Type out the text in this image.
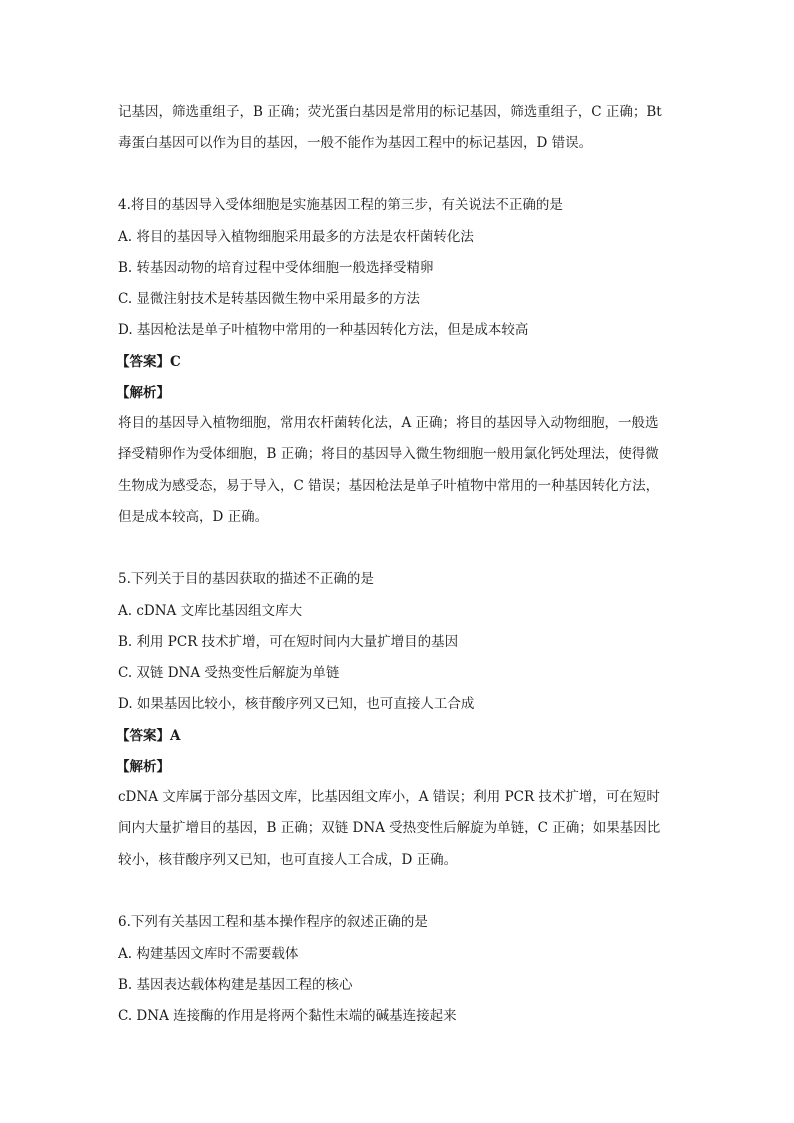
记基因，筛选重组子，B 正确；荧光蛋白基因是常用的标记基因，筛选重组子，C 正确；Bt
毒蛋白基因可以作为目的基因，一般不能作为基因工程中的标记基因，D 错误。
4.将目的基因导入受体细胞是实施基因工程的第三步，有关说法不正确的是
A. 将目的基因导入植物细胞采用最多的方法是农杆菌转化法
B. 转基因动物的培育过程中受体细胞一般选择受精卵
C. 显微注射技术是转基因微生物中采用最多的方法
D. 基因枪法是单子叶植物中常用的一种基因转化方法，但是成本较高
【答案】C
【解析】
将目的基因导入植物细胞，常用农杆菌转化法，A 正确；将目的基因导入动物细胞，一般选
择受精卵作为受体细胞，B 正确；将目的基因导入微生物细胞一般用氯化钙处理法，使得微
生物成为感受态，易于导入，C 错误；基因枪法是单子叶植物中常用的一种基因转化方法，
但是成本较高，D 正确。
5.下列关于目的基因获取的描述不正确的是
A. cDNA 文库比基因组文库大
B. 利用 PCR 技术扩增，可在短时间内大量扩增目的基因
C. 双链 DNA 受热变性后解旋为单链
D. 如果基因比较小，核苷酸序列又已知，也可直接人工合成
【答案】A
【解析】
cDNA 文库属于部分基因文库，比基因组文库小，A 错误；利用 PCR 技术扩增，可在短时
间内大量扩增目的基因，B 正确；双链 DNA 受热变性后解旋为单链，C 正确；如果基因比
较小，核苷酸序列又已知，也可直接人工合成，D 正确。
6.下列有关基因工程和基本操作程序的叙述正确的是
A. 构建基因文库时不需要载体
B. 基因表达载体构建是基因工程的核心
C. DNA 连接酶的作用是将两个黏性末端的碱基连接起来
